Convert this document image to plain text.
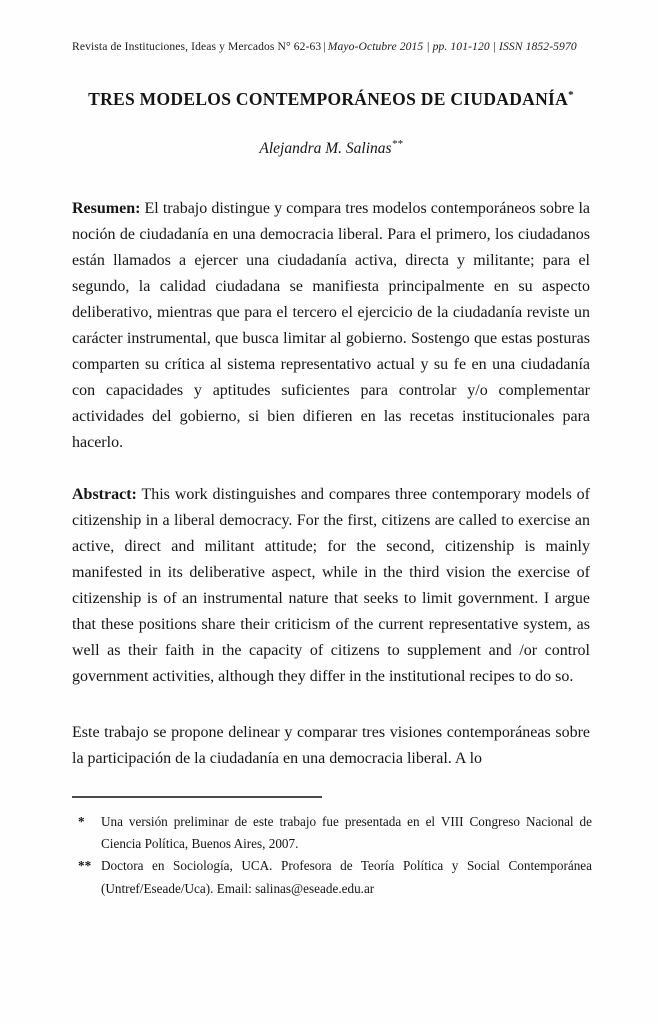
Revista de Instituciones, Ideas y Mercados N° 62-63 | Mayo-Octubre 2015 | pp. 101-120 | ISSN 1852-5970
TRES MODELOS CONTEMPORÁNEOS DE CIUDADANÍA*
Alejandra M. Salinas**

Resumen: El trabajo distingue y compara tres modelos contemporáneos sobre la noción de ciudadanía en una democracia liberal. Para el primero, los ciudadanos están llamados a ejercer una ciudadanía activa, directa y militante; para el segundo, la calidad ciudadana se manifiesta principalmente en su aspecto deliberativo, mientras que para el tercero el ejercicio de la ciudadanía reviste un carácter instrumental, que busca limitar al gobierno. Sostengo que estas posturas comparten su crítica al sistema representativo actual y su fe en una ciudadanía con capacidades y aptitudes suficientes para controlar y/o complementar actividades del gobierno, si bien difieren en las recetas institucionales para hacerlo.

Abstract: This work distinguishes and compares three contemporary models of citizenship in a liberal democracy. For the first, citizens are called to exercise an active, direct and militant attitude; for the second, citizenship is mainly manifested in its deliberative aspect, while in the third vision the exercise of citizenship is of an instrumental nature that seeks to limit government. I argue that these positions share their criticism of the current representative system, as well as their faith in the capacity of citizens to supplement and /or control government activities, although they differ in the institutional recipes to do so.

Este trabajo se propone delinear y comparar tres visiones contemporáneas sobre la participación de la ciudadanía en una democracia liberal. A lo

*	Una versión preliminar de este trabajo fue presentada en el VIII Congreso Nacional de Ciencia Política, Buenos Aires, 2007.
** Doctora en Sociología, UCA. Profesora de Teoría Política y Social Contemporánea (Untref/Eseade/Uca). Email: salinas@eseade.edu.ar
